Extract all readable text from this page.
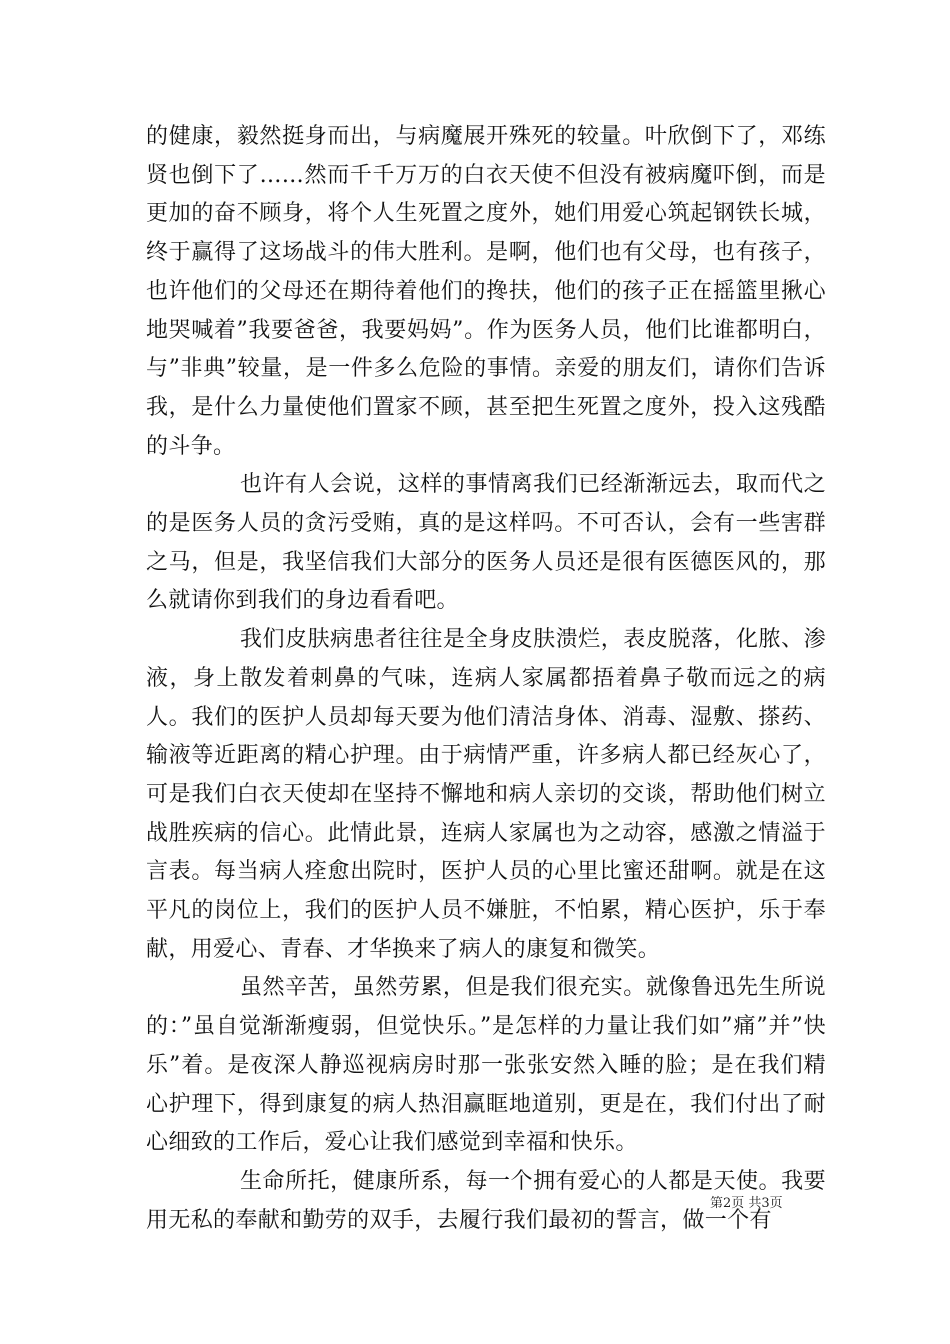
的健康，毅然挺身而出，与病魔展开殊死的较量。叶欣倒下了，邓练贤也倒下了……然而千千万万的白衣天使不但没有被病魔吓倒，而是更加的奋不顾身，将个人生死置之度外，她们用爱心筑起钢铁长城，终于赢得了这场战斗的伟大胜利。是啊，他们也有父母，也有孩子，也许他们的父母还在期待着他们的搀扶，他们的孩子正在摇篮里揪心地哭喊着”我要爸爸，我要妈妈”。作为医务人员，他们比谁都明白，与”非典”较量，是一件多么危险的事情。亲爱的朋友们，请你们告诉我，是什么力量使他们置家不顾，甚至把生死置之度外，投入这残酷的斗争。

也许有人会说，这样的事情离我们已经渐渐远去，取而代之的是医务人员的贪污受贿，真的是这样吗。不可否认，会有一些害群之马，但是，我坚信我们大部分的医务人员还是很有医德医风的，那么就请你到我们的身边看看吧。

我们皮肤病患者往往是全身皮肤溃烂，表皮脱落，化脓、渗液，身上散发着刺鼻的气味，连病人家属都捂着鼻子敬而远之的病人。我们的医护人员却每天要为他们清洁身体、消毒、湿敷、搽药、输液等近距离的精心护理。由于病情严重，许多病人都已经灰心了，可是我们白衣天使却在坚持不懈地和病人亲切的交谈，帮助他们树立战胜疾病的信心。此情此景，连病人家属也为之动容，感激之情溢于言表。每当病人痊愈出院时，医护人员的心里比蜜还甜啊。就是在这平凡的岗位上，我们的医护人员不嫌脏，不怕累，精心医护，乐于奉献，用爱心、青春、才华换来了病人的康复和微笑。

虽然辛苦，虽然劳累，但是我们很充实。就像鲁迅先生所说的：”虽自觉渐渐瘦弱，但觉快乐。”是怎样的力量让我们如”痛”并”快乐”着。是夜深人静巡视病房时那一张张安然入睡的脸；是在我们精心护理下，得到康复的病人热泪赢眶地道别，更是在，我们付出了耐心细致的工作后，爱心让我们感觉到幸福和快乐。

生命所托，健康所系，每一个拥有爱心的人都是天使。我要用无私的奉献和勤劳的双手，去履行我们最初的誓言，做一个有

第2页 共3页
